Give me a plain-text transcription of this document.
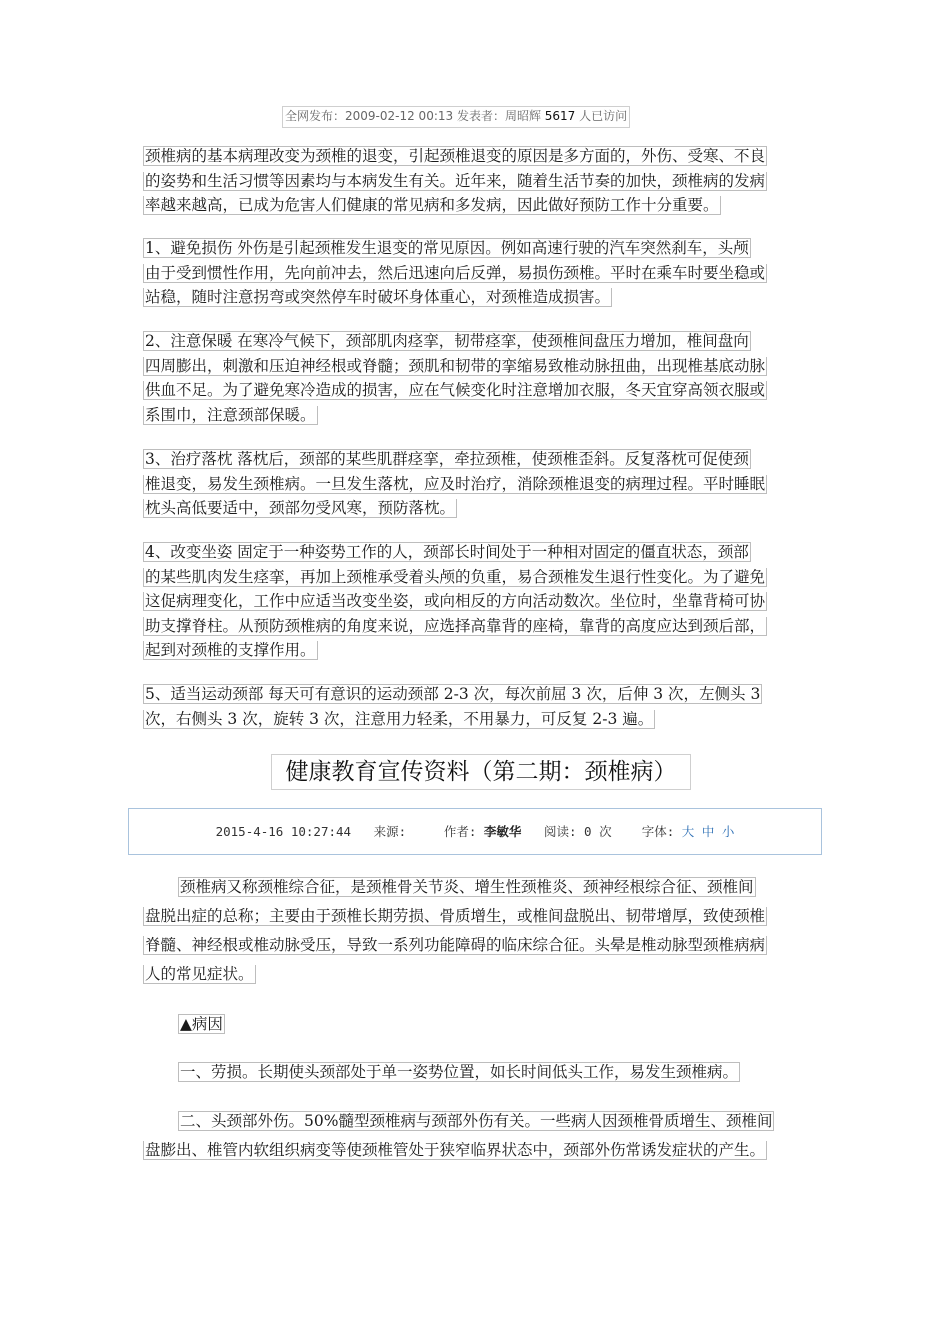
全网发布：2009-02-12 00:13 发表者：周昭辉 5617 人已访问
颈椎病的基本病理改变为颈椎的退变，引起颈椎退变的原因是多方面的，外伤、受寒、不良
的姿势和生活习惯等因素均与本病发生有关。近年来，随着生活节奏的加快，颈椎病的发病
率越来越高，已成为危害人们健康的常见病和多发病，因此做好预防工作十分重要。
1、避免损伤 外伤是引起颈椎发生退变的常见原因。例如高速行驶的汽车突然刹车，头颅
由于受到惯性作用，先向前冲去，然后迅速向后反弹，易损伤颈椎。平时在乘车时要坐稳或
站稳，随时注意拐弯或突然停车时破坏身体重心，对颈椎造成损害。
2、注意保暖 在寒冷气候下，颈部肌肉痉挛，韧带痉挛，使颈椎间盘压力增加，椎间盘向
四周膨出，刺激和压迫神经根或脊髓；颈肌和韧带的挛缩易致椎动脉扭曲，出现椎基底动脉
供血不足。为了避免寒冷造成的损害，应在气候变化时注意增加衣服，冬天宜穿高领衣服或
系围巾，注意颈部保暖。
3、治疗落枕 落枕后，颈部的某些肌群痉挛，牵拉颈椎，使颈椎歪斜。反复落枕可促使颈
椎退变，易发生颈椎病。一旦发生落枕，应及时治疗，消除颈椎退变的病理过程。平时睡眠
枕头高低要适中，颈部勿受风寒，预防落枕。
4、改变坐姿 固定于一种姿势工作的人，颈部长时间处于一种相对固定的僵直状态，颈部
的某些肌肉发生痉挛，再加上颈椎承受着头颅的负重，易合颈椎发生退行性变化。为了避免
这促病理变化，工作中应适当改变坐姿，或向相反的方向活动数次。坐位时，坐靠背椅可协
助支撑脊柱。从预防颈椎病的角度来说，应选择高靠背的座椅，靠背的高度应达到颈后部，
起到对颈椎的支撑作用。
5、适当运动颈部 每天可有意识的运动颈部 2-3 次，每次前屈 3 次，后伸 3 次，左侧头 3
次，右侧头 3 次，旋转 3 次，注意用力轻柔，不用暴力，可反复 2-3 遍。
健康教育宣传资料（第二期：颈椎病）
2015-4-16 10:27:44 来源:	作者: 李敏华 阅读: 0 次 字体: 大 中 小
颈椎病又称颈椎综合征，是颈椎骨关节炎、增生性颈椎炎、颈神经根综合征、颈椎间
盘脱出症的总称；主要由于颈椎长期劳损、骨质增生，或椎间盘脱出、韧带增厚，致使颈椎
脊髓、神经根或椎动脉受压，导致一系列功能障碍的临床综合征。头晕是椎动脉型颈椎病病
人的常见症状。
▲病因
一、劳损。长期使头颈部处于单一姿势位置，如长时间低头工作，易发生颈椎病。
二、头颈部外伤。50%髓型颈椎病与颈部外伤有关。一些病人因颈椎骨质增生、颈椎间
盘膨出、椎管内软组织病变等使颈椎管处于狭窄临界状态中，颈部外伤常诱发症状的产生。
